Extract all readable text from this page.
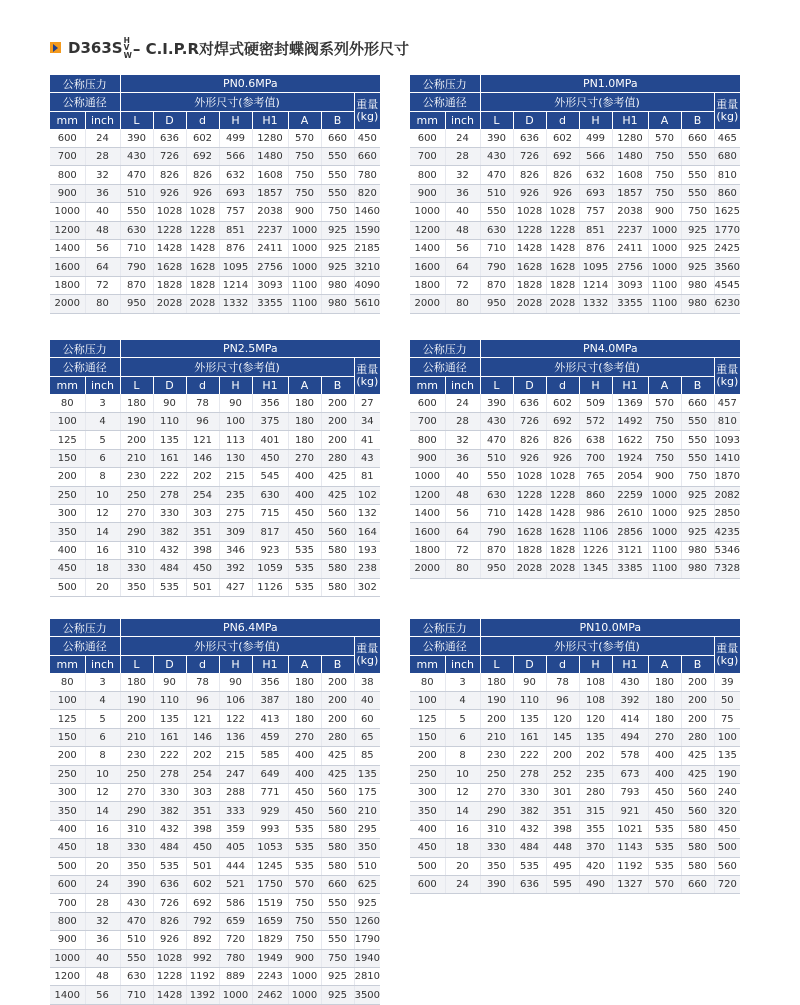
D363S H
V
W – C.I.P.R对焊式硬密封蝶阀系列外形尺寸
公称压力		PN0.6MPa							
公称通径		外形尺寸(参考值)							重量
(kg)

mm	inch	L	D	d	H	H1	A	B	
600	24	390	636	602	499	1280	570	660	450
700	28	430	726	692	566	1480	750	550	660
800	32	470	826	826	632	1608	750	550	780
900	36	510	926	926	693	1857	750	550	820
1000	40	550	1028	1028	757	2038	900	750	1460
1200	48	630	1228	1228	851	2237	1000	925	1590
1400	56	710	1428	1428	876	2411	1000	925	2185
1600	64	790	1628	1628	1095	2756	1000	925	3210
1800	72	870	1828	1828	1214	3093	1100	980	4090
2000	80	950	2028	2028	1332	3355	1100	980	5610
公称压力		PN1.0MPa							
公称通径		外形尺寸(参考值)							重量
(kg)

mm	inch	L	D	d	H	H1	A	B	
600	24	390	636	602	499	1280	570	660	465
700	28	430	726	692	566	1480	750	550	680
800	32	470	826	826	632	1608	750	550	810
900	36	510	926	926	693	1857	750	550	860
1000	40	550	1028	1028	757	2038	900	750	1625
1200	48	630	1228	1228	851	2237	1000	925	1770
1400	56	710	1428	1428	876	2411	1000	925	2425
1600	64	790	1628	1628	1095	2756	1000	925	3560
1800	72	870	1828	1828	1214	3093	1100	980	4545
2000	80	950	2028	2028	1332	3355	1100	980	6230
公称压力		PN2.5MPa							
公称通径		外形尺寸(参考值)							重量
(kg)

mm	inch	L	D	d	H	H1	A	B	
80	3	180	90	78	90	356	180	200	27
100	4	190	110	96	100	375	180	200	34
125	5	200	135	121	113	401	180	200	41
150	6	210	161	146	130	450	270	280	43
200	8	230	222	202	215	545	400	425	81
250	10	250	278	254	235	630	400	425	102
300	12	270	330	303	275	715	450	560	132
350	14	290	382	351	309	817	450	560	164
400	16	310	432	398	346	923	535	580	193
450	18	330	484	450	392	1059	535	580	238
500	20	350	535	501	427	1126	535	580	302
公称压力		PN4.0MPa							
公称通径		外形尺寸(参考值)							重量
(kg)

mm	inch	L	D	d	H	H1	A	B	
600	24	390	636	602	509	1369	570	660	457
700	28	430	726	692	572	1492	750	550	810
800	32	470	826	826	638	1622	750	550	1093
900	36	510	926	926	700	1924	750	550	1410
1000	40	550	1028	1028	765	2054	900	750	1870
1200	48	630	1228	1228	860	2259	1000	925	2082
1400	56	710	1428	1428	986	2610	1000	925	2850
1600	64	790	1628	1628	1106	2856	1000	925	4235
1800	72	870	1828	1828	1226	3121	1100	980	5346
2000	80	950	2028	2028	1345	3385	1100	980	7328
公称压力		PN6.4MPa							
公称通径		外形尺寸(参考值)							重量
(kg)

mm	inch	L	D	d	H	H1	A	B	
80	3	180	90	78	90	356	180	200	38
100	4	190	110	96	106	387	180	200	40
125	5	200	135	121	122	413	180	200	60
150	6	210	161	146	136	459	270	280	65
200	8	230	222	202	215	585	400	425	85
250	10	250	278	254	247	649	400	425	135
300	12	270	330	303	288	771	450	560	175
350	14	290	382	351	333	929	450	560	210
400	16	310	432	398	359	993	535	580	295
450	18	330	484	450	405	1053	535	580	350
500	20	350	535	501	444	1245	535	580	510
600	24	390	636	602	521	1750	570	660	625
700	28	430	726	692	586	1519	750	550	925
800	32	470	826	792	659	1659	750	550	1260
900	36	510	926	892	720	1829	750	550	1790
1000	40	550	1028	992	780	1949	900	750	1940
1200	48	630	1228	1192	889	2243	1000	925	2810
1400	56	710	1428	1392	1000	2462	1000	925	3500
公称压力		PN10.0MPa							
公称通径		外形尺寸(参考值)							重量
(kg)

mm	inch	L	D	d	H	H1	A	B	
80	3	180	90	78	108	430	180	200	39
100	4	190	110	96	108	392	180	200	50
125	5	200	135	120	120	414	180	200	75
150	6	210	161	145	135	494	270	280	100
200	8	230	222	200	202	578	400	425	135
250	10	250	278	252	235	673	400	425	190
300	12	270	330	301	280	793	450	560	240
350	14	290	382	351	315	921	450	560	320
400	16	310	432	398	355	1021	535	580	450
450	18	330	484	448	370	1143	535	580	500
500	20	350	535	495	420	1192	535	580	560
600	24	390	636	595	490	1327	570	660	720
